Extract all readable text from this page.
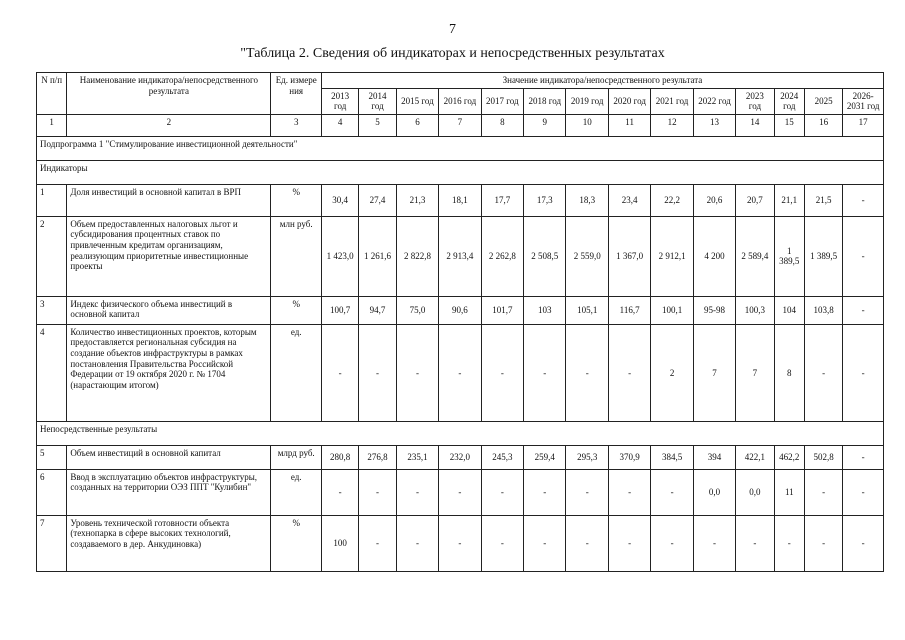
7
"Таблица 2. Сведения об индикаторах и непосредственных результатах
N п/п	Наименование индикатора/непосредственного результата	Ед. измере ния	Значение индикатора/непосредственного результата													
			2013 год	2014 год	2015 год	2016 год	2017 год	2018 год	2019 год	2020 год	2021 год	2022 год	2023 год	2024 год	2025	2026- 2031 год
1	2	3	4	5	6	7	8	9	10	11	12	13	14	15	16	17
Подпрограмма 1 "Стимулирование инвестиционной деятельности"																
Индикаторы																
1	Доля инвестиций в основной капитал в ВРП	%	30,4	27,4	21,3	18,1	17,7	17,3	18,3	23,4	22,2	20,6	20,7	21,1	21,5	-
2	Объем предоставленных налоговых льгот и субсидирования процентных ставок по привлеченным кредитам организациям, реализующим приоритетные инвестиционные проекты	млн руб.	1 423,0	1 261,6	2 822,8	2 913,4	2 262,8	2 508,5	2 559,0	1 367,0	2 912,1	4 200	2 589,4	1 389,5	1 389,5	-
3	Индекс физического объема инвестиций в основной капитал	%	100,7	94,7	75,0	90,6	101,7	103	105,1	116,7	100,1	95-98	100,3	104	103,8	-
4	Количество инвестиционных проектов, которым предоставляется региональная субсидия на создание объектов инфраструктуры в рамках постановления Правительства Российской Федерации от 19 октября 2020 г. № 1704 (нарастающим итогом)	ед.	-	-	-	-	-	-	-	-	2	7	7	8	-	-
Непосредственные результаты																
5	Объем инвестиций в основной капитал	млрд руб.	280,8	276,8	235,1	232,0	245,3	259,4	295,3	370,9	384,5	394	422,1	462,2	502,8	-
6	Ввод в эксплуатацию объектов инфраструктуры, созданных на территории ОЭЗ ППТ "Кулибин"	ед.	-	-	-	-	-	-	-	-	-	0,0	0,0	11	-	-
7	Уровень технической готовности объекта (технопарка в сфере высоких технологий, создаваемого в дер. Анкудиновка)	%	100	-	-	-	-	-	-	-	-	-	-	-	-	-
